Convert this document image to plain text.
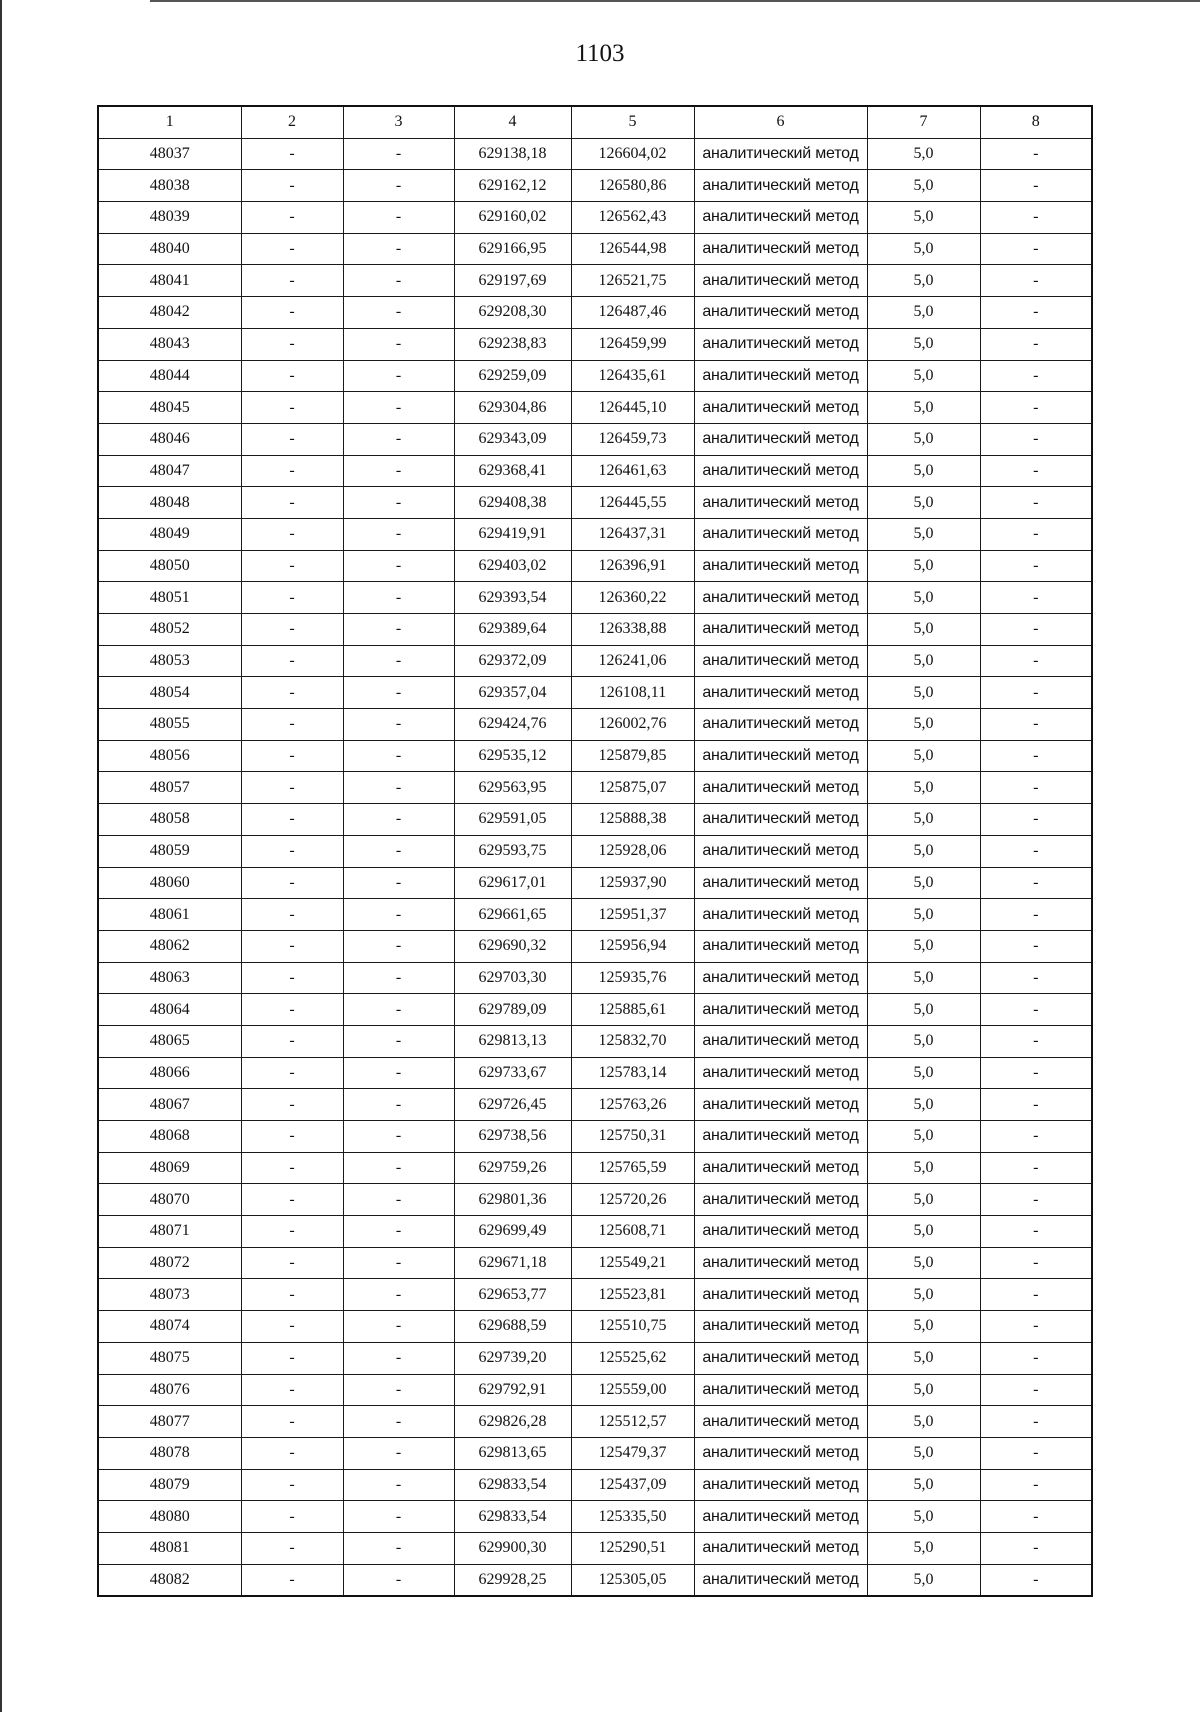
1103
1	2	3	4	5	6	7	8
48037	-	-	629138,18	126604,02	аналитический метод	5,0	-
48038	-	-	629162,12	126580,86	аналитический метод	5,0	-
48039	-	-	629160,02	126562,43	аналитический метод	5,0	-
48040	-	-	629166,95	126544,98	аналитический метод	5,0	-
48041	-	-	629197,69	126521,75	аналитический метод	5,0	-
48042	-	-	629208,30	126487,46	аналитический метод	5,0	-
48043	-	-	629238,83	126459,99	аналитический метод	5,0	-
48044	-	-	629259,09	126435,61	аналитический метод	5,0	-
48045	-	-	629304,86	126445,10	аналитический метод	5,0	-
48046	-	-	629343,09	126459,73	аналитический метод	5,0	-
48047	-	-	629368,41	126461,63	аналитический метод	5,0	-
48048	-	-	629408,38	126445,55	аналитический метод	5,0	-
48049	-	-	629419,91	126437,31	аналитический метод	5,0	-
48050	-	-	629403,02	126396,91	аналитический метод	5,0	-
48051	-	-	629393,54	126360,22	аналитический метод	5,0	-
48052	-	-	629389,64	126338,88	аналитический метод	5,0	-
48053	-	-	629372,09	126241,06	аналитический метод	5,0	-
48054	-	-	629357,04	126108,11	аналитический метод	5,0	-
48055	-	-	629424,76	126002,76	аналитический метод	5,0	-
48056	-	-	629535,12	125879,85	аналитический метод	5,0	-
48057	-	-	629563,95	125875,07	аналитический метод	5,0	-
48058	-	-	629591,05	125888,38	аналитический метод	5,0	-
48059	-	-	629593,75	125928,06	аналитический метод	5,0	-
48060	-	-	629617,01	125937,90	аналитический метод	5,0	-
48061	-	-	629661,65	125951,37	аналитический метод	5,0	-
48062	-	-	629690,32	125956,94	аналитический метод	5,0	-
48063	-	-	629703,30	125935,76	аналитический метод	5,0	-
48064	-	-	629789,09	125885,61	аналитический метод	5,0	-
48065	-	-	629813,13	125832,70	аналитический метод	5,0	-
48066	-	-	629733,67	125783,14	аналитический метод	5,0	-
48067	-	-	629726,45	125763,26	аналитический метод	5,0	-
48068	-	-	629738,56	125750,31	аналитический метод	5,0	-
48069	-	-	629759,26	125765,59	аналитический метод	5,0	-
48070	-	-	629801,36	125720,26	аналитический метод	5,0	-
48071	-	-	629699,49	125608,71	аналитический метод	5,0	-
48072	-	-	629671,18	125549,21	аналитический метод	5,0	-
48073	-	-	629653,77	125523,81	аналитический метод	5,0	-
48074	-	-	629688,59	125510,75	аналитический метод	5,0	-
48075	-	-	629739,20	125525,62	аналитический метод	5,0	-
48076	-	-	629792,91	125559,00	аналитический метод	5,0	-
48077	-	-	629826,28	125512,57	аналитический метод	5,0	-
48078	-	-	629813,65	125479,37	аналитический метод	5,0	-
48079	-	-	629833,54	125437,09	аналитический метод	5,0	-
48080	-	-	629833,54	125335,50	аналитический метод	5,0	-
48081	-	-	629900,30	125290,51	аналитический метод	5,0	-
48082	-	-	629928,25	125305,05	аналитический метод	5,0	-
